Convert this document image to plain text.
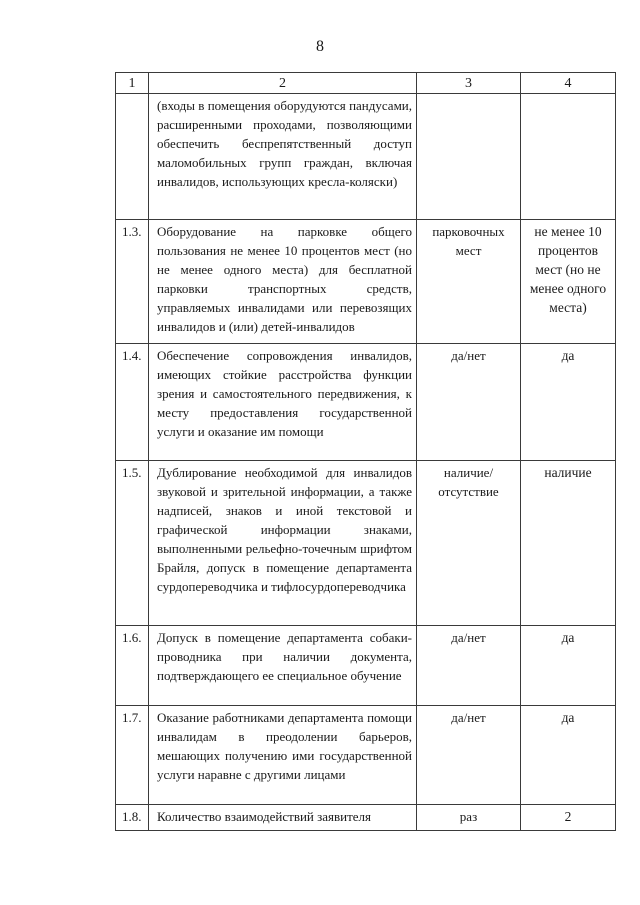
8
1	2	3	4
	(входы в помещения оборудуются пандусами, расширенными проходами, позволяющими обеспечить беспрепятственный доступ маломобильных групп граждан, включая инвалидов, использующих кресла-коляски)		
1.3.	Оборудование на парковке общего пользования не менее 10 процентов мест (но не менее одного места) для бесплатной парковки транспортных средств, управляемых инвалидами или перевозящих инвалидов и (или) детей-инвалидов	парковочных мест	не менее 10 процентов мест (но не менее одного места)
1.4.	Обеспечение сопровождения инвалидов, имеющих стойкие расстройства функции зрения и самостоятельного передвижения, к месту предоставления государственной услуги и оказание им помощи	да/нет	да
1.5.	Дублирование необходимой для инвалидов звуковой и зрительной информации, а также надписей, знаков и иной текстовой и графической информации знаками, выполненными рельефно-точечным шрифтом Брайля, допуск в помещение департамента сурдопереводчика и тифлосурдопереводчика	наличие/отсутствие	наличие
1.6.	Допуск в помещение департамента собаки-проводника при наличии документа, подтверждающего ее специальное обучение	да/нет	да
1.7.	Оказание работниками департамента помощи инвалидам в преодолении барьеров, мешающих получению ими государственной услуги наравне с другими лицами	да/нет	да
1.8.	Количество взаимодействий заявителя	раз	2
